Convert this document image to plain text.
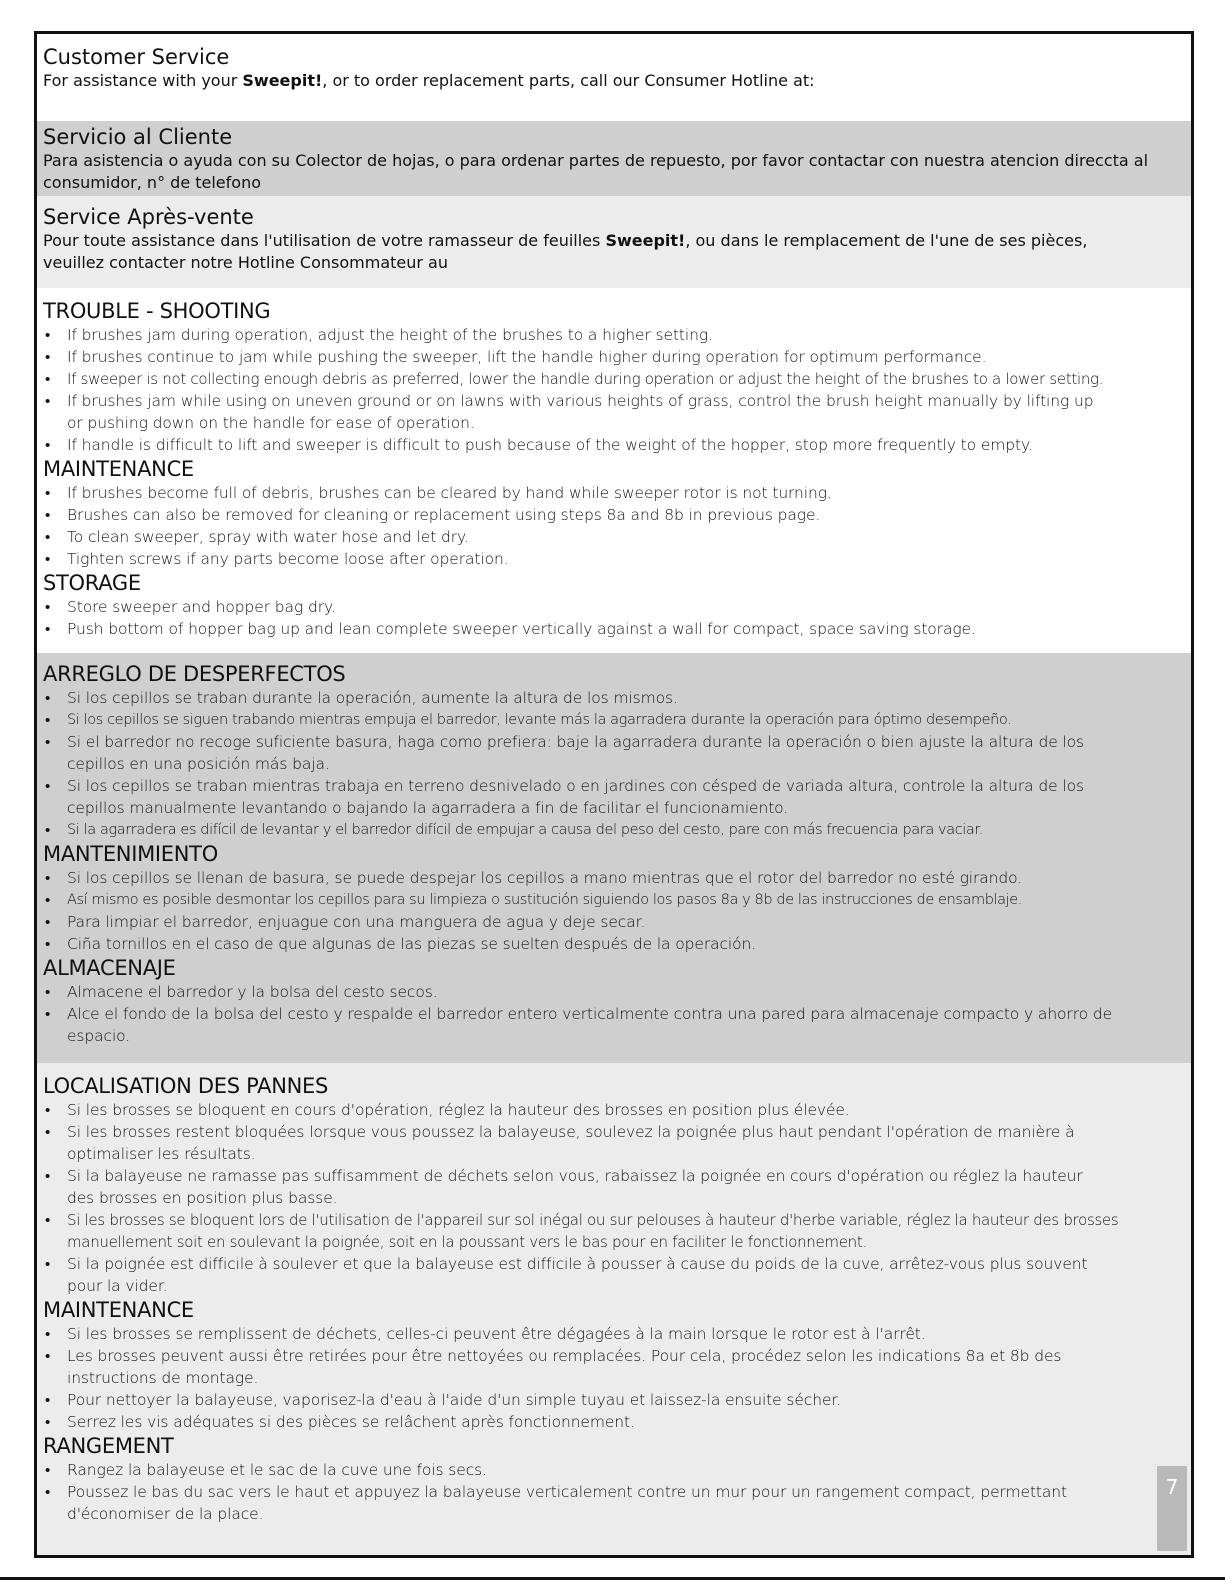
Customer Service
For assistance with your Sweepit!, or to order replacement parts, call our Consumer Hotline at:
Servicio al Cliente
Para asistencia o ayuda con su Colector de hojas, o para ordenar partes de repuesto, por favor contactar con nuestra atencion direccta al consumidor, n° de telefono
Service Après-vente
Pour toute assistance dans l'utilisation de votre ramasseur de feuilles Sweepit!, ou dans le remplacement de l'une de ses pièces, veuillez contacter notre Hotline Consommateur au
TROUBLE - SHOOTING
• If brushes jam during operation, adjust the height of the brushes to a higher setting.
• If brushes continue to jam while pushing the sweeper, lift the handle higher during operation for optimum performance.
• If sweeper is not collecting enough debris as preferred, lower the handle during operation or adjust the height of the brushes to a lower setting.
• If brushes jam while using on uneven ground or on lawns with various heights of grass, control the brush height manually by lifting up or pushing down on the handle for ease of operation.
• If handle is difficult to lift and sweeper is difficult to push because of the weight of the hopper, stop more frequently to empty.
MAINTENANCE
• If brushes become full of debris, brushes can be cleared by hand while sweeper rotor is not turning.
• Brushes can also be removed for cleaning or replacement using steps 8a and 8b in previous page.
• To clean sweeper, spray with water hose and let dry.
• Tighten screws if any parts become loose after operation.
STORAGE
• Store sweeper and hopper bag dry.
• Push bottom of hopper bag up and lean complete sweeper vertically against a wall for compact, space saving storage.
ARREGLO DE DESPERFECTOS
• Si los cepillos se traban durante la operación, aumente la altura de los mismos.
• Si los cepillos se siguen trabando mientras empuja el barredor, levante más la agarradera durante la operación para óptimo desempeño.
• Si el barredor no recoge suficiente basura, haga como prefiera: baje la agarradera durante la operación o bien ajuste la altura de los cepillos en una posición más baja.
• Si los cepillos se traban mientras trabaja en terreno desnivelado o en jardines con césped de variada altura, controle la altura de los cepillos manualmente levantando o bajando la agarradera a fin de facilitar el funcionamiento.
• Si la agarradera es difícil de levantar y el barredor difícil de empujar a causa del peso del cesto, pare con más frecuencia para vaciar.
MANTENIMIENTO
• Si los cepillos se llenan de basura, se puede despejar los cepillos a mano mientras que el rotor del barredor no esté girando.
• Así mismo es posible desmontar los cepillos para su limpieza o sustitución siguiendo los pasos 8a y 8b de las instrucciones de ensamblaje.
• Para limpiar el barredor, enjuague con una manguera de agua y deje secar.
• Ciña tornillos en el caso de que algunas de las piezas se suelten después de la operación.
ALMACENAJE
• Almacene el barredor y la bolsa del cesto secos.
• Alce el fondo de la bolsa del cesto y respalde el barredor entero verticalmente contra una pared para almacenaje compacto y ahorro de espacio.
LOCALISATION DES PANNES
• Si les brosses se bloquent en cours d'opération, réglez la hauteur des brosses en position plus élevée.
• Si les brosses restent bloquées lorsque vous poussez la balayeuse, soulevez la poignée plus haut pendant l'opération de manière à optimaliser les résultats.
• Si la balayeuse ne ramasse pas suffisamment de déchets selon vous, rabaissez la poignée en cours d'opération ou réglez la hauteur des brosses en position plus basse.
• Si les brosses se bloquent lors de l'utilisation de l'appareil sur sol inégal ou sur pelouses à hauteur d'herbe variable, réglez la hauteur des brosses manuellement soit en soulevant la poignée, soit en la poussant vers le bas pour en faciliter le fonctionnement.
• Si la poignée est difficile à soulever et que la balayeuse est difficile à pousser à cause du poids de la cuve, arrêtez-vous plus souvent pour la vider.
MAINTENANCE
• Si les brosses se remplissent de déchets, celles-ci peuvent être dégagées à la main lorsque le rotor est à l'arrêt.
• Les brosses peuvent aussi être retirées pour être nettoyées ou remplacées. Pour cela, procédez selon les indications 8a et 8b des instructions de montage.
• Pour nettoyer la balayeuse, vaporisez-la d'eau à l'aide d'un simple tuyau et laissez-la ensuite sécher.
• Serrez les vis adéquates si des pièces se relâchent après fonctionnement.
RANGEMENT
• Rangez la balayeuse et le sac de la cuve une fois secs.
• Poussez le bas du sac vers le haut et appuyez la balayeuse verticalement contre un mur pour un rangement compact, permettant d'économiser de la place.
7
